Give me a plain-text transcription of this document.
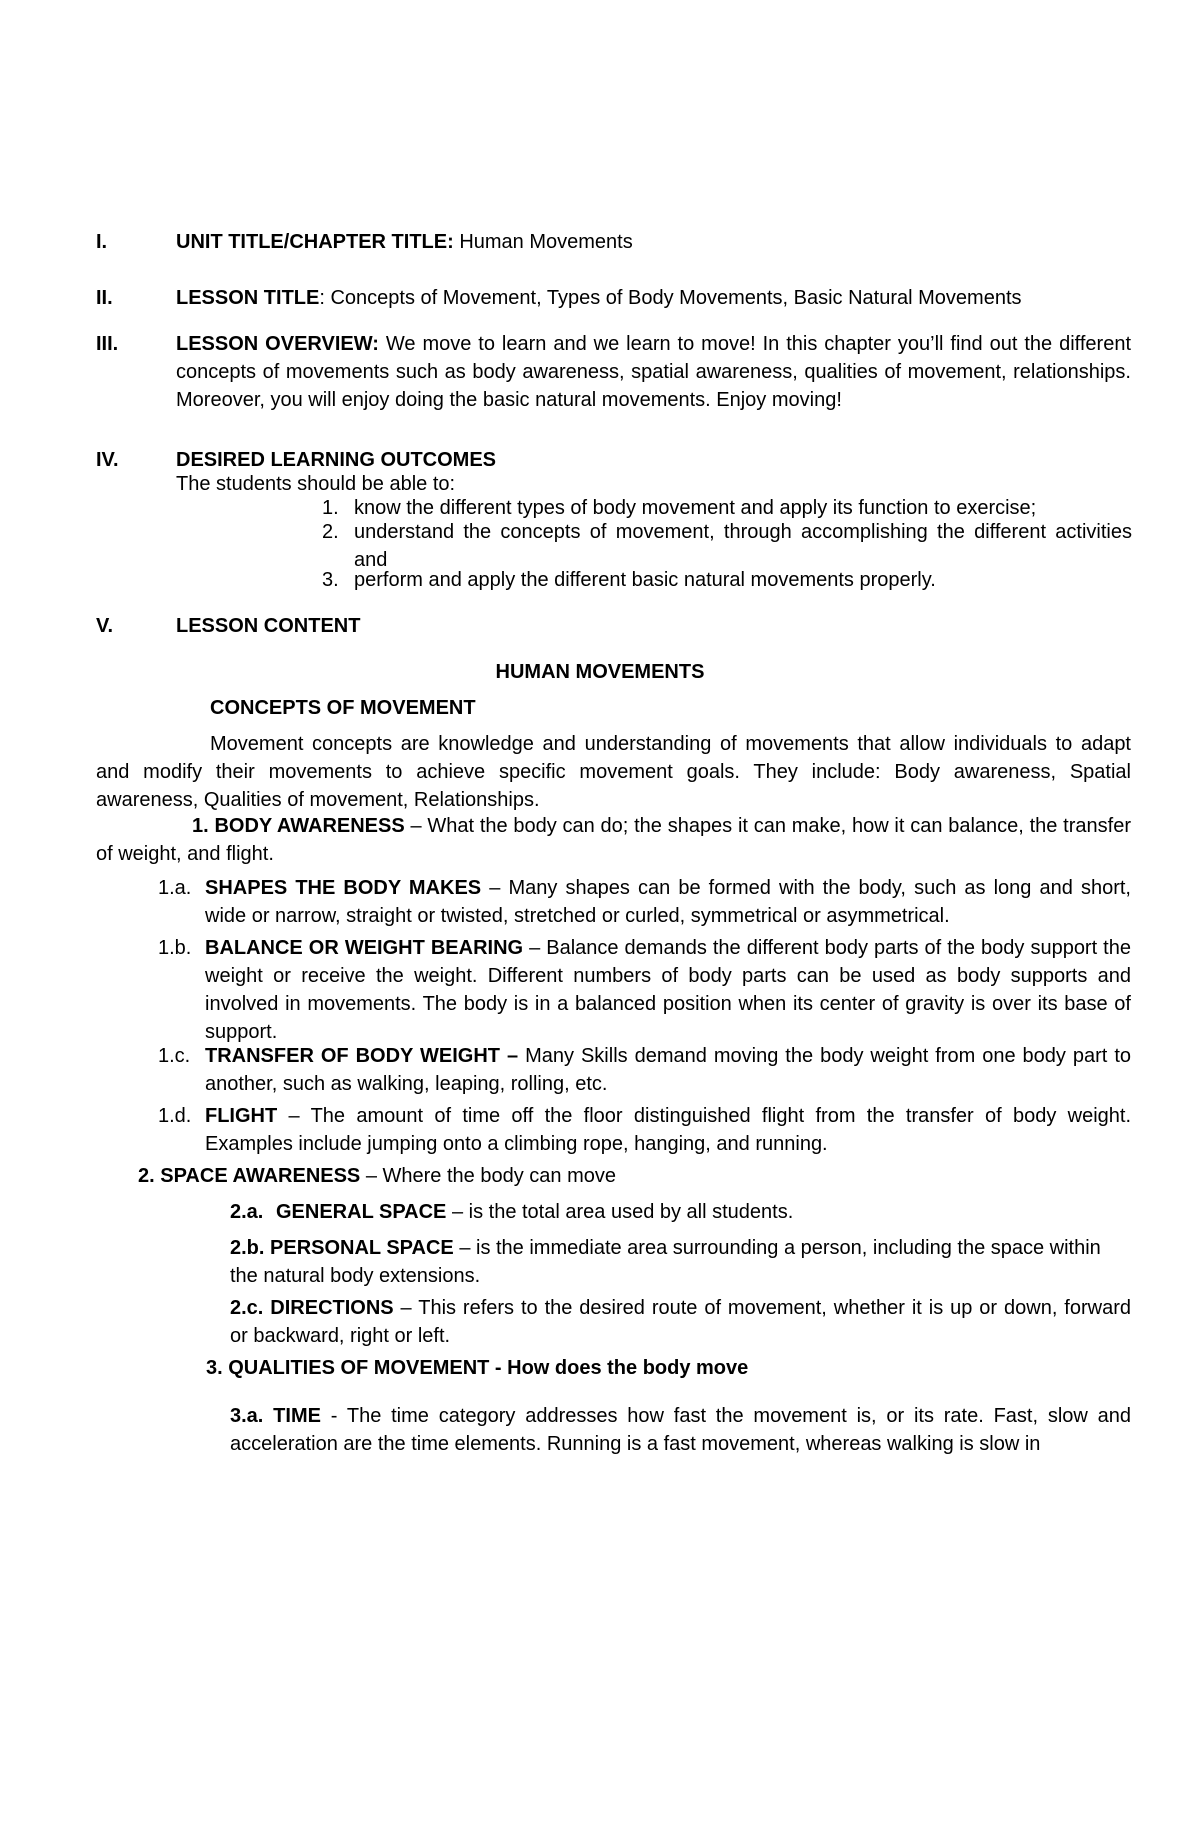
I.	UNIT TITLE/CHAPTER TITLE: Human Movements
II.	LESSON TITLE: Concepts of Movement, Types of Body Movements, Basic Natural Movements
III.	LESSON OVERVIEW: We move to learn and we learn to move! In this chapter you’ll find out the different concepts of movements such as body awareness, spatial awareness, qualities of movement, relationships. Moreover, you will enjoy doing the basic natural movements. Enjoy moving!
IV.	DESIRED LEARNING OUTCOMES
The students should be able to:
1. know the different types of body movement and apply its function to exercise;
2. understand the concepts of movement, through accomplishing the different activities and
3. perform and apply the different basic natural movements properly.
V.	LESSON CONTENT
HUMAN MOVEMENTS
CONCEPTS OF MOVEMENT
Movement concepts are knowledge and understanding of movements that allow individuals to adapt and modify their movements to achieve specific movement goals. They include: Body awareness, Spatial awareness, Qualities of movement, Relationships.
1. BODY AWARENESS – What the body can do; the shapes it can make, how it can balance, the transfer of weight, and flight.
1.a. SHAPES THE BODY MAKES – Many shapes can be formed with the body, such as long and short, wide or narrow, straight or twisted, stretched or curled, symmetrical or asymmetrical.
1.b. BALANCE OR WEIGHT BEARING – Balance demands the different body parts of the body support the weight or receive the weight. Different numbers of body parts can be used as body supports and involved in movements. The body is in a balanced position when its center of gravity is over its base of support.
1.c. TRANSFER OF BODY WEIGHT – Many Skills demand moving the body weight from one body part to another, such as walking, leaping, rolling, etc.
1.d. FLIGHT – The amount of time off the floor distinguished flight from the transfer of body weight. Examples include jumping onto a climbing rope, hanging, and running.
2. SPACE AWARENESS – Where the body can move
2.a. GENERAL SPACE – is the total area used by all students.
2.b. PERSONAL SPACE – is the immediate area surrounding a person, including the space within the natural body extensions.
2.c. DIRECTIONS – This refers to the desired route of movement, whether it is up or down, forward or backward, right or left.
3. QUALITIES OF MOVEMENT - How does the body move
3.a. TIME - The time category addresses how fast the movement is, or its rate. Fast, slow and acceleration are the time elements. Running is a fast movement, whereas walking is slow in
